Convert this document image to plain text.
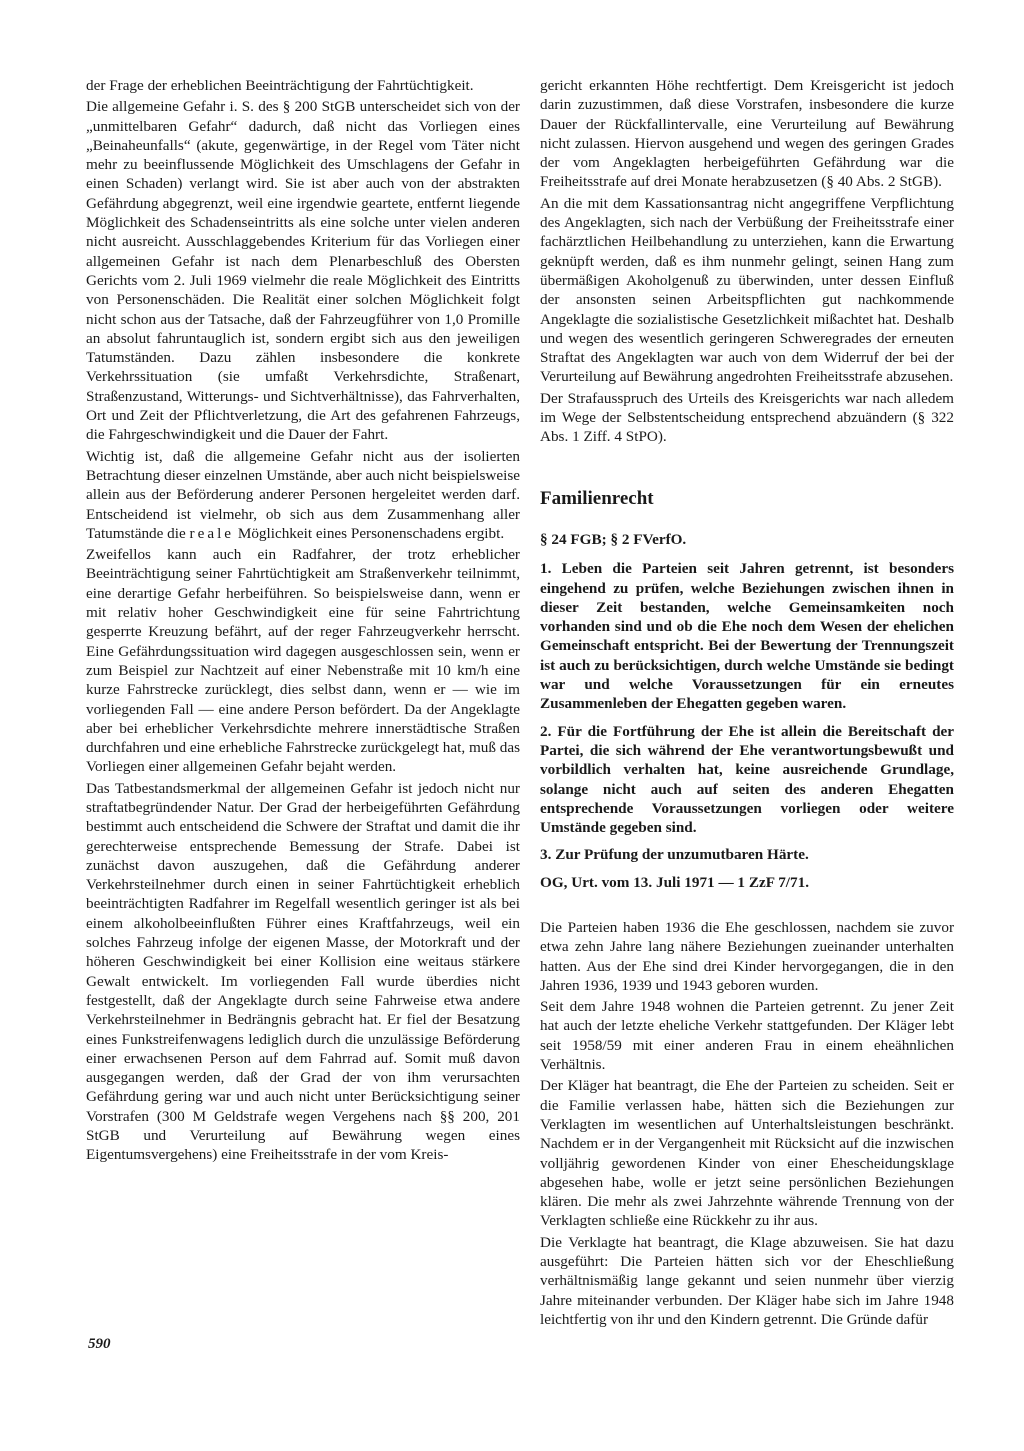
der Frage der erheblichen Beeinträchtigung der Fahrtüchtigkeit.

Die allgemeine Gefahr i. S. des § 200 StGB unterscheidet sich von der „unmittelbaren Gefahr“ dadurch, daß nicht das Vorliegen eines „Beinaheunfalls“ (akute, gegenwärtige, in der Regel vom Täter nicht mehr zu beeinflussende Möglichkeit des Umschlagens der Gefahr in einen Schaden) verlangt wird. Sie ist aber auch von der abstrakten Gefährdung abgegrenzt, weil eine irgendwie geartete, entfernt liegende Möglichkeit des Schadenseintritts als eine solche unter vielen anderen nicht ausreicht. Ausschlaggebendes Kriterium für das Vorliegen einer allgemeinen Gefahr ist nach dem Plenarbeschluß des Obersten Gerichts vom 2. Juli 1969 vielmehr die reale Möglichkeit des Eintritts von Personenschäden. Die Realität einer solchen Möglichkeit folgt nicht schon aus der Tatsache, daß der Fahrzeugführer von 1,0 Promille an absolut fahruntauglich ist, sondern ergibt sich aus den jeweiligen Tatumständen. Dazu zählen insbesondere die konkrete Verkehrssituation (sie umfaßt Verkehrsdichte, Straßenart, Straßenzustand, Witterungs- und Sichtverhältnisse), das Fahrverhalten, Ort und Zeit der Pflichtverletzung, die Art des gefahrenen Fahrzeugs, die Fahrgeschwindigkeit und die Dauer der Fahrt.

Wichtig ist, daß die allgemeine Gefahr nicht aus der isolierten Betrachtung dieser einzelnen Umstände, aber auch nicht beispielsweise allein aus der Beförderung anderer Personen hergeleitet werden darf. Entscheidend ist vielmehr, ob sich aus dem Zusammenhang aller Tatumstände die reale Möglichkeit eines Personenschadens ergibt.

Zweifellos kann auch ein Radfahrer, der trotz erheblicher Beeinträchtigung seiner Fahrtüchtigkeit am Straßenverkehr teilnimmt, eine derartige Gefahr herbeiführen. So beispielsweise dann, wenn er mit relativ hoher Geschwindigkeit eine für seine Fahrtrichtung gesperrte Kreuzung befährt, auf der reger Fahrzeugverkehr herrscht. Eine Gefährdungssituation wird dagegen ausgeschlossen sein, wenn er zum Beispiel zur Nachtzeit auf einer Nebenstraße mit 10 km/h eine kurze Fahrstrecke zurücklegt, dies selbst dann, wenn er — wie im vorliegenden Fall — eine andere Person befördert. Da der Angeklagte aber bei erheblicher Verkehrsdichte mehrere innerstädtische Straßen durchfahren und eine erhebliche Fahrstrecke zurückgelegt hat, muß das Vorliegen einer allgemeinen Gefahr bejaht werden.

Das Tatbestandsmerkmal der allgemeinen Gefahr ist jedoch nicht nur straftatbegründender Natur. Der Grad der herbeigeführten Gefährdung bestimmt auch entscheidend die Schwere der Straftat und damit die ihr gerechterweise entsprechende Bemessung der Strafe. Dabei ist zunächst davon auszugehen, daß die Gefährdung anderer Verkehrsteilnehmer durch einen in seiner Fahrtüchtigkeit erheblich beeinträchtigten Radfahrer im Regelfall wesentlich geringer ist als bei einem alkoholbeeinflußten Führer eines Kraftfahrzeugs, weil ein solches Fahrzeug infolge der eigenen Masse, der Motorkraft und der höheren Geschwindigkeit bei einer Kollision eine weitaus stärkere Gewalt entwickelt. Im vorliegenden Fall wurde überdies nicht festgestellt, daß der Angeklagte durch seine Fahrweise etwa andere Verkehrsteilnehmer in Bedrängnis gebracht hat. Er fiel der Besatzung eines Funkstreifenwagens lediglich durch die unzulässige Beförderung einer erwachsenen Person auf dem Fahrrad auf. Somit muß davon ausgegangen werden, daß der Grad der von ihm verursachten Gefährdung gering war und auch nicht unter Berücksichtigung seiner Vorstrafen (300 M Geldstrafe wegen Vergehens nach §§ 200, 201 StGB und Verurteilung auf Bewährung wegen eines Eigentumsvergehens) eine Freiheitsstrafe in der vom Kreis-

gericht erkannten Höhe rechtfertigt. Dem Kreisgericht ist jedoch darin zuzustimmen, daß diese Vorstrafen, insbesondere die kurze Dauer der Rückfallintervalle, eine Verurteilung auf Bewährung nicht zulassen. Hiervon ausgehend und wegen des geringen Grades der vom Angeklagten herbeigeführten Gefährdung war die Freiheitsstrafe auf drei Monate herabzusetzen (§ 40 Abs. 2 StGB).

An die mit dem Kassationsantrag nicht angegriffene Verpflichtung des Angeklagten, sich nach der Verbüßung der Freiheitsstrafe einer fachärztlichen Heilbehandlung zu unterziehen, kann die Erwartung geknüpft werden, daß es ihm nunmehr gelingt, seinen Hang zum übermäßigen Akoholgenuß zu überwinden, unter dessen Einfluß der ansonsten seinen Arbeitspflichten gut nachkommende Angeklagte die sozialistische Gesetzlichkeit mißachtet hat. Deshalb und wegen des wesentlich geringeren Schweregrades der erneuten Straftat des Angeklagten war auch von dem Widerruf der bei der Verurteilung auf Bewährung angedrohten Freiheitsstrafe abzusehen.

Der Strafausspruch des Urteils des Kreisgerichts war nach alledem im Wege der Selbstentscheidung entsprechend abzuändern (§ 322 Abs. 1 Ziff. 4 StPO).

Familienrecht
§ 24 FGB; § 2 FVerfO.

1. Leben die Parteien seit Jahren getrennt, ist besonders eingehend zu prüfen, welche Beziehungen zwischen ihnen in dieser Zeit bestanden, welche Gemeinsamkeiten noch vorhanden sind und ob die Ehe noch dem Wesen der ehelichen Gemeinschaft entspricht. Bei der Bewertung der Trennungszeit ist auch zu berücksichtigen, durch welche Umstände sie bedingt war und welche Voraussetzungen für ein erneutes Zusammenleben der Ehegatten gegeben waren.

2. Für die Fortführung der Ehe ist allein die Bereitschaft der Partei, die sich während der Ehe verantwortungsbewußt und vorbildlich verhalten hat, keine ausreichende Grundlage, solange nicht auch auf seiten des anderen Ehegatten entsprechende Voraussetzungen vorliegen oder weitere Umstände gegeben sind.

3. Zur Prüfung der unzumutbaren Härte.

OG, Urt. vom 13. Juli 1971 — 1 ZzF 7/71.

Die Parteien haben 1936 die Ehe geschlossen, nachdem sie zuvor etwa zehn Jahre lang nähere Beziehungen zueinander unterhalten hatten. Aus der Ehe sind drei Kinder hervorgegangen, die in den Jahren 1936, 1939 und 1943 geboren wurden.

Seit dem Jahre 1948 wohnen die Parteien getrennt. Zu jener Zeit hat auch der letzte eheliche Verkehr stattgefunden. Der Kläger lebt seit 1958/59 mit einer anderen Frau in einem eheähnlichen Verhältnis.

Der Kläger hat beantragt, die Ehe der Parteien zu scheiden. Seit er die Familie verlassen habe, hätten sich die Beziehungen zur Verklagten im wesentlichen auf Unterhaltsleistungen beschränkt. Nachdem er in der Vergangenheit mit Rücksicht auf die inzwischen volljährig gewordenen Kinder von einer Ehescheidungsklage abgesehen habe, wolle er jetzt seine persönlichen Beziehungen klären. Die mehr als zwei Jahrzehnte währende Trennung von der Verklagten schließe eine Rückkehr zu ihr aus.

Die Verklagte hat beantragt, die Klage abzuweisen. Sie hat dazu ausgeführt: Die Parteien hätten sich vor der Eheschließung verhältnismäßig lange gekannt und seien nunmehr über vierzig Jahre miteinander verbunden. Der Kläger habe sich im Jahre 1948 leichtfertig von ihr und den Kindern getrennt. Die Gründe dafür

590
